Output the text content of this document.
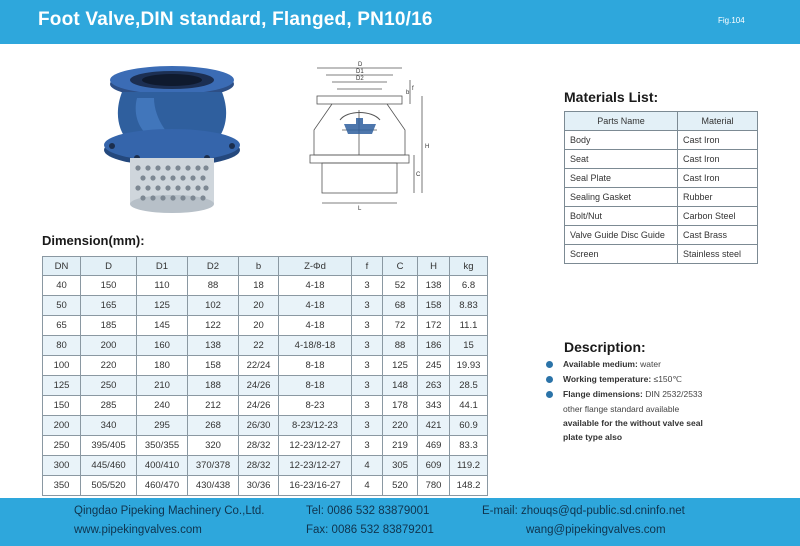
Foot Valve,DIN standard, Flanged, PN10/16	Fig.104
D
D1
D2
b
H
C
L
f	Materials List:
Parts Name	Material
Body	Cast Iron
Seat	Cast Iron
Seal Plate	Cast Iron
Sealing Gasket	Rubber
Bolt/Nut	Carbon Steel
Valve Guide Disc Guide	Cast Brass
Screen	Stainless steel
Dimension(mm):
DN	D	D1	D2	b	Z-Φd	f	C	H	kg
40	150	110	88	18	4-18	3	52	138	6.8
50	165	125	102	20	4-18	3	68	158	8.83
65	185	145	122	20	4-18	3	72	172	11.1
80	200	160	138	22	4-18/8-18	3	88	186	15
100	220	180	158	22/24	8-18	3	125	245	19.93
125	250	210	188	24/26	8-18	3	148	263	28.5
150	285	240	212	24/26	8-23	3	178	343	44.1
200	340	295	268	26/30	8-23/12-23	3	220	421	60.9
250	395/405	350/355	320	28/32	12-23/12-27	3	219	469	83.3
300	445/460	400/410	370/378	28/32	12-23/12-27	4	305	609	119.2
350	505/520	460/470	430/438	30/36	16-23/16-27	4	520	780	148.2
Description:
Available medium: water
Working temperature: ≤150℃
Flange dimensions: DIN 2532/2533
other flange standard available
available for the without valve seal
plate type also
Qingdao Pipeking Machinery Co.,Ltd.	Tel: 0086 532 83879001	E-mail: zhouqs@qd-public.sd.cninfo.net
www.pipekingvalves.com	Fax: 0086 532 83879201	wang@pipekingvalves.com
